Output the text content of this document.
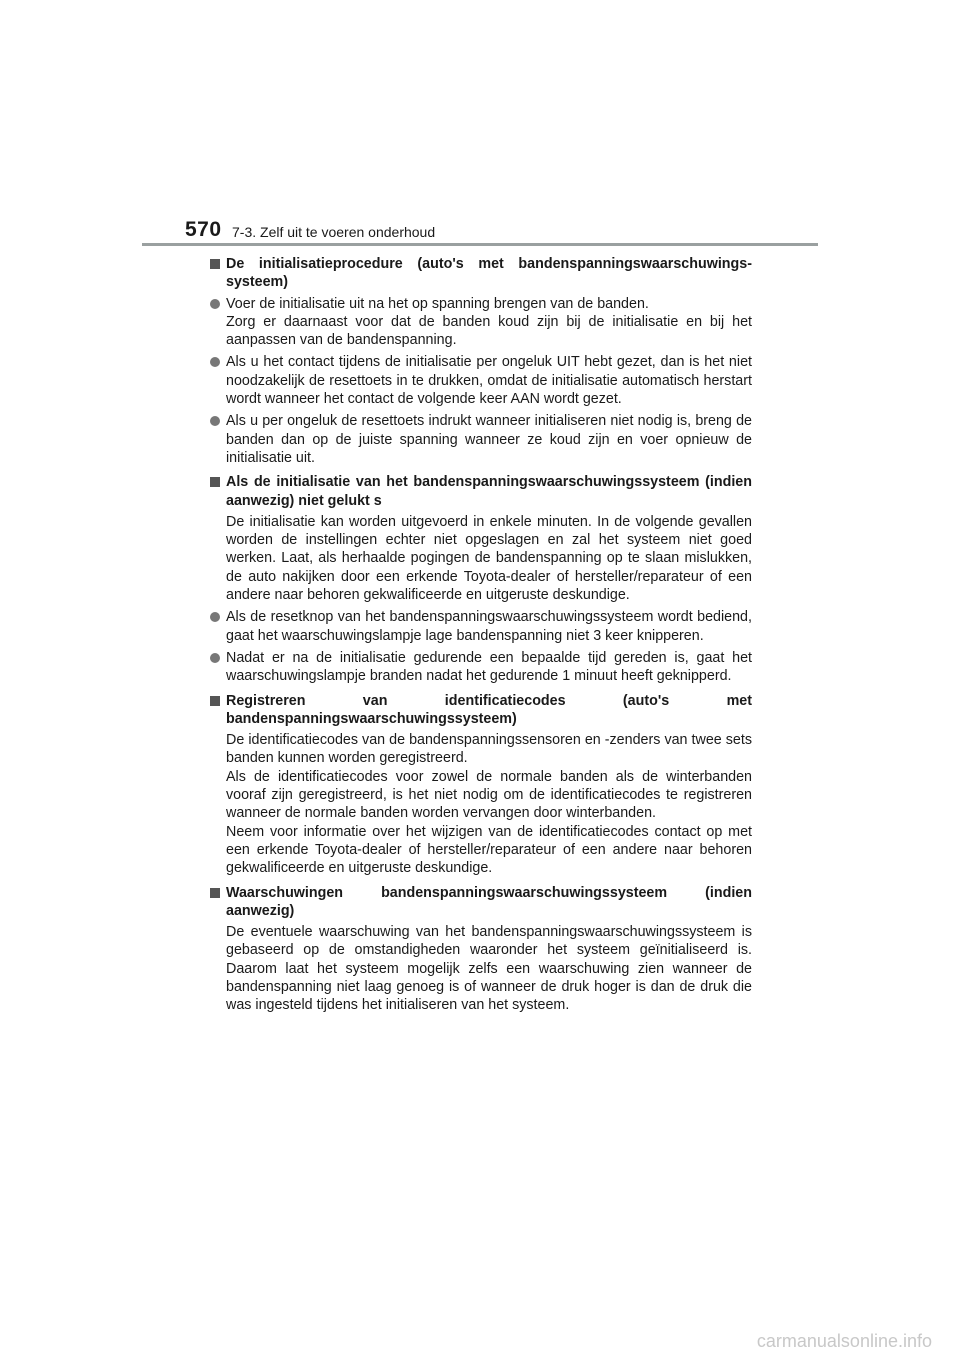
570 7-3. Zelf uit te voeren onderhoud
De initialisatieprocedure (auto's met bandenspanningswaarschuwings-systeem)

Voer de initialisatie uit na het op spanning brengen van de banden.

Zorg er daarnaast voor dat de banden koud zijn bij de initialisatie en bij het aanpassen van de bandenspanning.

Als u het contact tijdens de initialisatie per ongeluk UIT hebt gezet, dan is het niet noodzakelijk de resettoets in te drukken, omdat de initialisatie automatisch herstart wordt wanneer het contact de volgende keer AAN wordt gezet.

Als u per ongeluk de resettoets indrukt wanneer initialiseren niet nodig is, breng de banden dan op de juiste spanning wanneer ze koud zijn en voer opnieuw de initialisatie uit.

Als de initialisatie van het bandenspanningswaarschuwingssysteem (indien aanwezig) niet gelukt s

De initialisatie kan worden uitgevoerd in enkele minuten. In de volgende gevallen worden de instellingen echter niet opgeslagen en zal het systeem niet goed werken. Laat, als herhaalde pogingen de bandenspanning op te slaan mislukken, de auto nakijken door een erkende Toyota-dealer of hersteller/reparateur of een andere naar behoren gekwalificeerde en uitgeruste deskundige.

Als de resetknop van het bandenspanningswaarschuwingssysteem wordt bediend, gaat het waarschuwingslampje lage bandenspanning niet 3 keer knipperen.

Nadat er na de initialisatie gedurende een bepaalde tijd gereden is, gaat het waarschuwingslampje branden nadat het gedurende 1 minuut heeft geknipperd.

Registreren van identificatiecodes (auto's met bandenspanningswaarschuwingssysteem)

De identificatiecodes van de bandenspanningssensoren en -zenders van twee sets banden kunnen worden geregistreerd.

Als de identificatiecodes voor zowel de normale banden als de winterbanden vooraf zijn geregistreerd, is het niet nodig om de identificatiecodes te registreren wanneer de normale banden worden vervangen door winterbanden.

Neem voor informatie over het wijzigen van de identificatiecodes contact op met een erkende Toyota-dealer of hersteller/reparateur of een andere naar behoren gekwalificeerde en uitgeruste deskundige.

Waarschuwingen bandenspanningswaarschuwingssysteem (indien aanwezig)

De eventuele waarschuwing van het bandenspanningswaarschuwingssysteem is gebaseerd op de omstandigheden waaronder het systeem geïnitialiseerd is. Daarom laat het systeem mogelijk zelfs een waarschuwing zien wanneer de bandenspanning niet laag genoeg is of wanneer de druk hoger is dan de druk die was ingesteld tijdens het initialiseren van het systeem.

carmanualsonline.info
